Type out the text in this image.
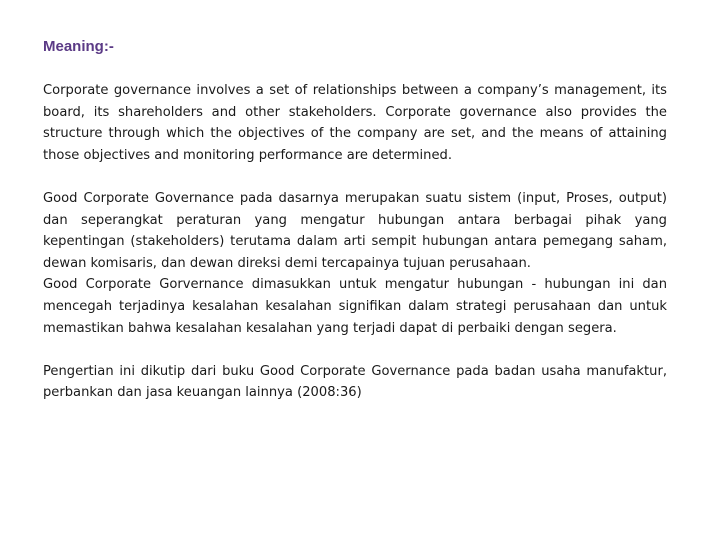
Meaning:-

Corporate governance involves a set of relationships between a company’s management, its board, its shareholders and other stakeholders. Corporate governance also provides the structure through which the objectives of the company are set, and the means of attaining those objectives and monitoring performance are determined.

Good Corporate Governance pada dasarnya merupakan suatu sistem (input, Proses, output) dan seperangkat peraturan yang mengatur hubungan antara berbagai pihak yang kepentingan (stakeholders) terutama dalam arti sempit hubungan antara pemegang saham, dewan komisaris, dan dewan direksi demi tercapainya tujuan perusahaan.

Good Corporate Gorvernance dimasukkan untuk mengatur hubungan - hubungan ini dan mencegah terjadinya kesalahan kesalahan signifikan dalam strategi perusahaan dan untuk memastikan bahwa kesalahan kesalahan yang terjadi dapat di perbaiki dengan segera.

Pengertian ini dikutip dari buku Good Corporate Governance pada badan usaha manufaktur, perbankan dan jasa keuangan lainnya (2008:36)
